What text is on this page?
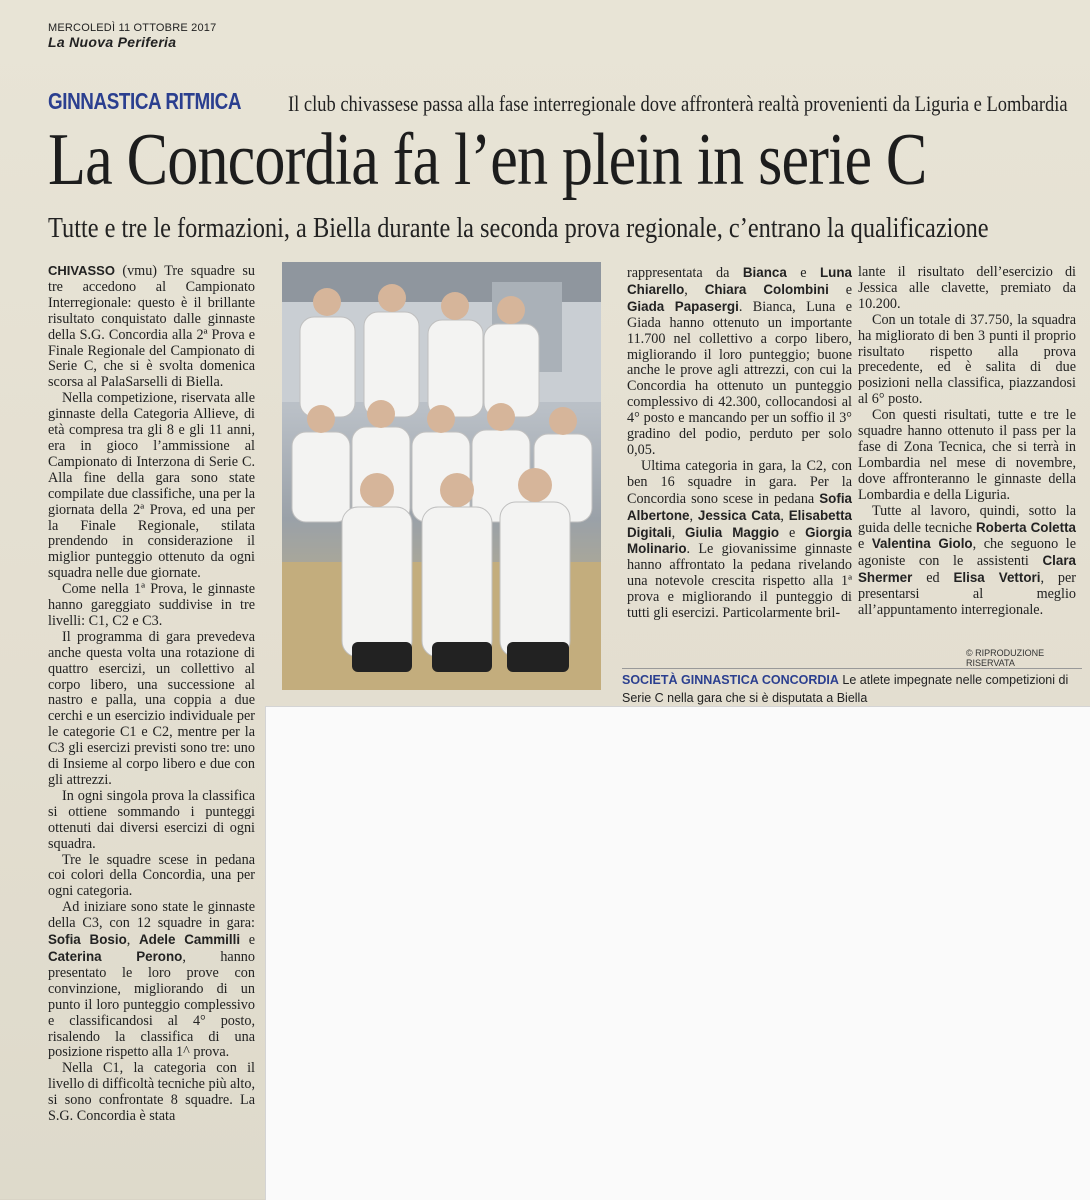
MERCOLEDÌ 11 OTTOBRE 2017
La Nuova Periferia
GINNASTICA RITMICA Il club chivassese passa alla fase interregionale dove affronterà realtà provenienti da Liguria e Lombardia
La Concordia fa l’en plein in serie C
Tutte e tre le formazioni, a Biella durante la seconda prova regionale, c’entrano la qualificazione

CHIVASSO (vmu) Tre squadre su tre accedono al Campionato Interregionale: questo è il brillante risultato conquistato dalle ginnaste della S.G. Concordia alla 2ª Prova e Finale Regionale del Campionato di Serie C, che si è svolta domenica scorsa al PalaSarselli di Biella.

Nella competizione, riservata alle ginnaste della Categoria Allieve, di età compresa tra gli 8 e gli 11 anni, era in gioco l’ammissione al Campionato di Interzona di Serie C. Alla fine della gara sono state compilate due classifiche, una per la giornata della 2ª Prova, ed una per la Finale Regionale, stilata prendendo in considerazione il miglior punteggio ottenuto da ogni squadra nelle due giornate.

Come nella 1ª Prova, le ginnaste hanno gareggiato suddivise in tre livelli: C1, C2 e C3.

Il programma di gara prevedeva anche questa volta una rotazione di quattro esercizi, un collettivo al corpo libero, una successione al nastro e palla, una coppia a due cerchi e un esercizio individuale per le categorie C1 e C2, mentre per la C3 gli esercizi previsti sono tre: uno di Insieme al corpo libero e due con gli attrezzi.

In ogni singola prova la classifica si ottiene sommando i punteggi ottenuti dai diversi esercizi di ogni squadra.

Tre le squadre scese in pedana coi colori della Concordia, una per ogni categoria.

Ad iniziare sono state le ginnaste della C3, con 12 squadre in gara: Sofia Bosio, Adele Cammilli e Caterina Perono, hanno presentato le loro prove con convinzione, migliorando di un punto il loro punteggio complessivo e classificandosi al 4° posto, risalendo la classifica di una posizione rispetto alla 1^ prova.

Nella C1, la categoria con il livello di difficoltà tecniche più alto, si sono confrontate 8 squadre. La S.G. Concordia è stata

rappresentata da Bianca e Luna Chiarello, Chiara Colombini e Giada Papasergi. Bianca, Luna e Giada hanno ottenuto un importante 11.700 nel collettivo a corpo libero, migliorando il loro punteggio; buone anche le prove agli attrezzi, con cui la Concordia ha ottenuto un punteggio complessivo di 42.300, collocandosi al 4° posto e mancando per un soffio il 3° gradino del podio, perduto per solo 0,05.

Ultima categoria in gara, la C2, con ben 16 squadre in gara. Per la Concordia sono scese in pedana Sofia Albertone, Jessica Cata, Elisabetta Digitali, Giulia Maggio e Giorgia Molinario. Le giovanissime ginnaste hanno affrontato la pedana rivelando una notevole crescita rispetto alla 1ª prova e migliorando il punteggio di tutti gli esercizi. Particolarmente bril-

lante il risultato dell’esercizio di Jessica alle clavette, premiato da 10.200.

Con un totale di 37.750, la squadra ha migliorato di ben 3 punti il proprio risultato rispetto alla prova precedente, ed è salita di due posizioni nella classifica, piazzandosi al 6° posto.

Con questi risultati, tutte e tre le squadre hanno ottenuto il pass per la fase di Zona Tecnica, che si terrà in Lombardia nel mese di novembre, dove affronteranno le ginnaste della Lombardia e della Liguria.

Tutte al lavoro, quindi, sotto la guida delle tecniche Roberta Coletta e Valentina Giolo, che seguono le agoniste con le assistenti Clara Shermer ed Elisa Vettori, per presentarsi al meglio all’appuntamento interregionale.

© RIPRODUZIONE RISERVATA
SOCIETÀ GINNASTICA CONCORDIA Le atlete impegnate nelle competizioni di Serie C nella gara che si è disputata a Biella
